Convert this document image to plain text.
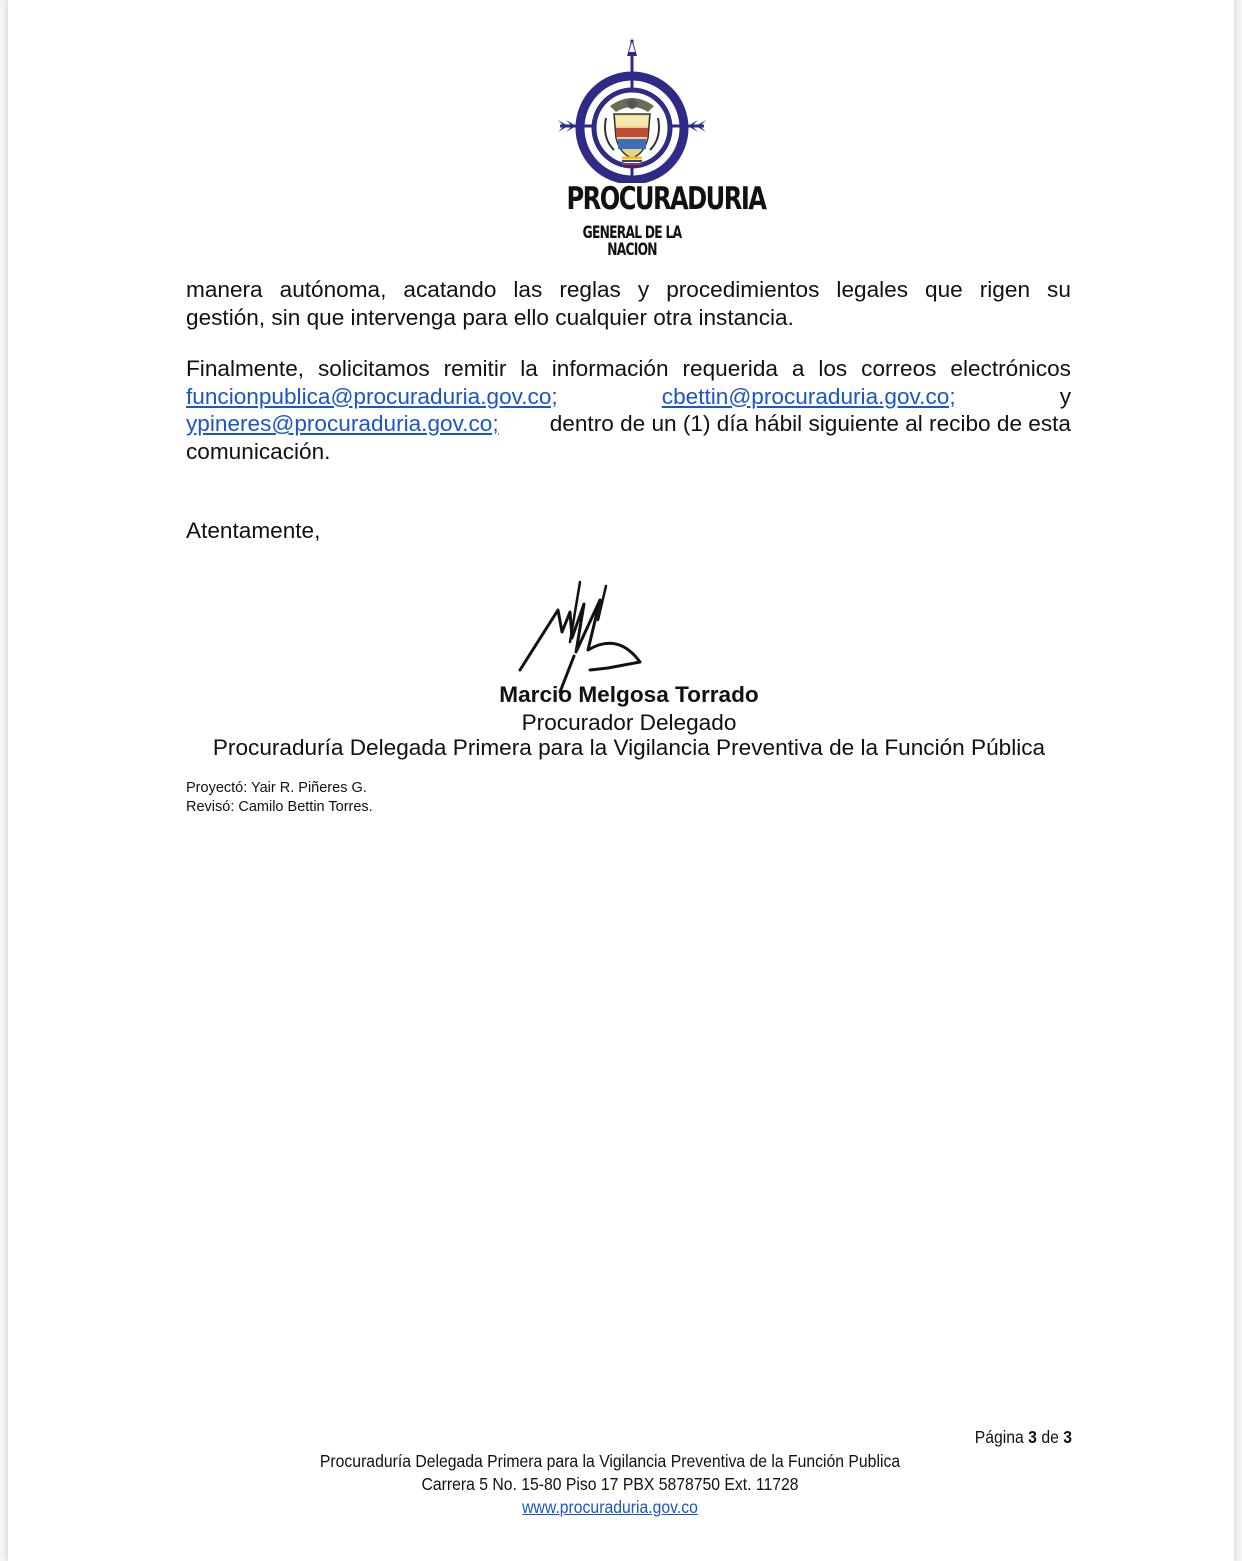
PROCURADURIA
GENERAL DE LA NACION
manera autónoma, acatando las reglas y procedimientos legales que rigen su
gestión, sin que intervenga para ello cualquier otra instancia.
Finalmente, solicitamos remitir la información requerida a los correos electrónicos
funcionpublica@procuraduria.gov.co;	cbettin@procuraduria.gov.co;	y
ypineres@procuraduria.gov.co; dentro de un (1) día hábil siguiente al recibo de esta
comunicación.
Atentamente,
Marcio Melgosa Torrado
Procurador Delegado
Procuraduría Delegada Primera para la Vigilancia Preventiva de la Función Pública
Proyectó: Yair R. Piñeres G.
Revisó: Camilo Bettin Torres.
Página 3 de 3
Procuraduría Delegada Primera para la Vigilancia Preventiva de la Función Publica
Carrera 5 No. 15-80 Piso 17 PBX 5878750 Ext. 11728
www.procuraduria.gov.co
